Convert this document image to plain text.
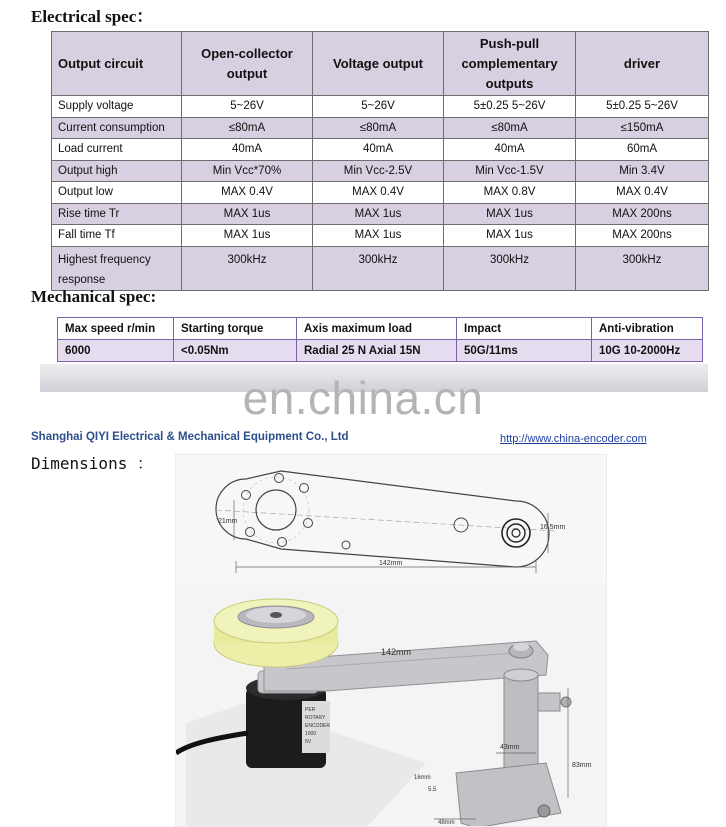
Electrical spec：
Output circuit	Open-collector output	Voltage output	Push-pull complementary outputs	driver
Supply voltage	5~26V	5~26V	5±0.25 5~26V	5±0.25 5~26V
Current consumption	≤80mA	≤80mA	≤80mA	≤150mA
Load current	40mA	40mA	40mA	60mA
Output high	Min Vcc*70%	Min Vcc-2.5V	Min Vcc-1.5V	Min 3.4V
Output low	MAX 0.4V	MAX 0.4V	MAX 0.8V	MAX 0.4V
Rise time Tr	MAX 1us	MAX 1us	MAX 1us	MAX 200ns
Fall time Tf	MAX 1us	MAX 1us	MAX 1us	MAX 200ns
Highest frequency response	300kHz	300kHz	300kHz	300kHz
Mechanical spec:
Max speed r/min	Starting torque	Axis maximum load	Impact	Anti-vibration
6000	<0.05Nm	Radial 25 N Axial 15N	50G/11ms	10G 10-2000Hz
en.china.cn
Shanghai QIYI Electrical & Mechanical Equipment Co., Ltd	http://www.china-encoder.com
Dimensions ：
21mm
142mm
16.5mm
PER
ROTARY
ENCODER
1000
5V
142mm
43mm
83mm
16mm
5.5
48mm
